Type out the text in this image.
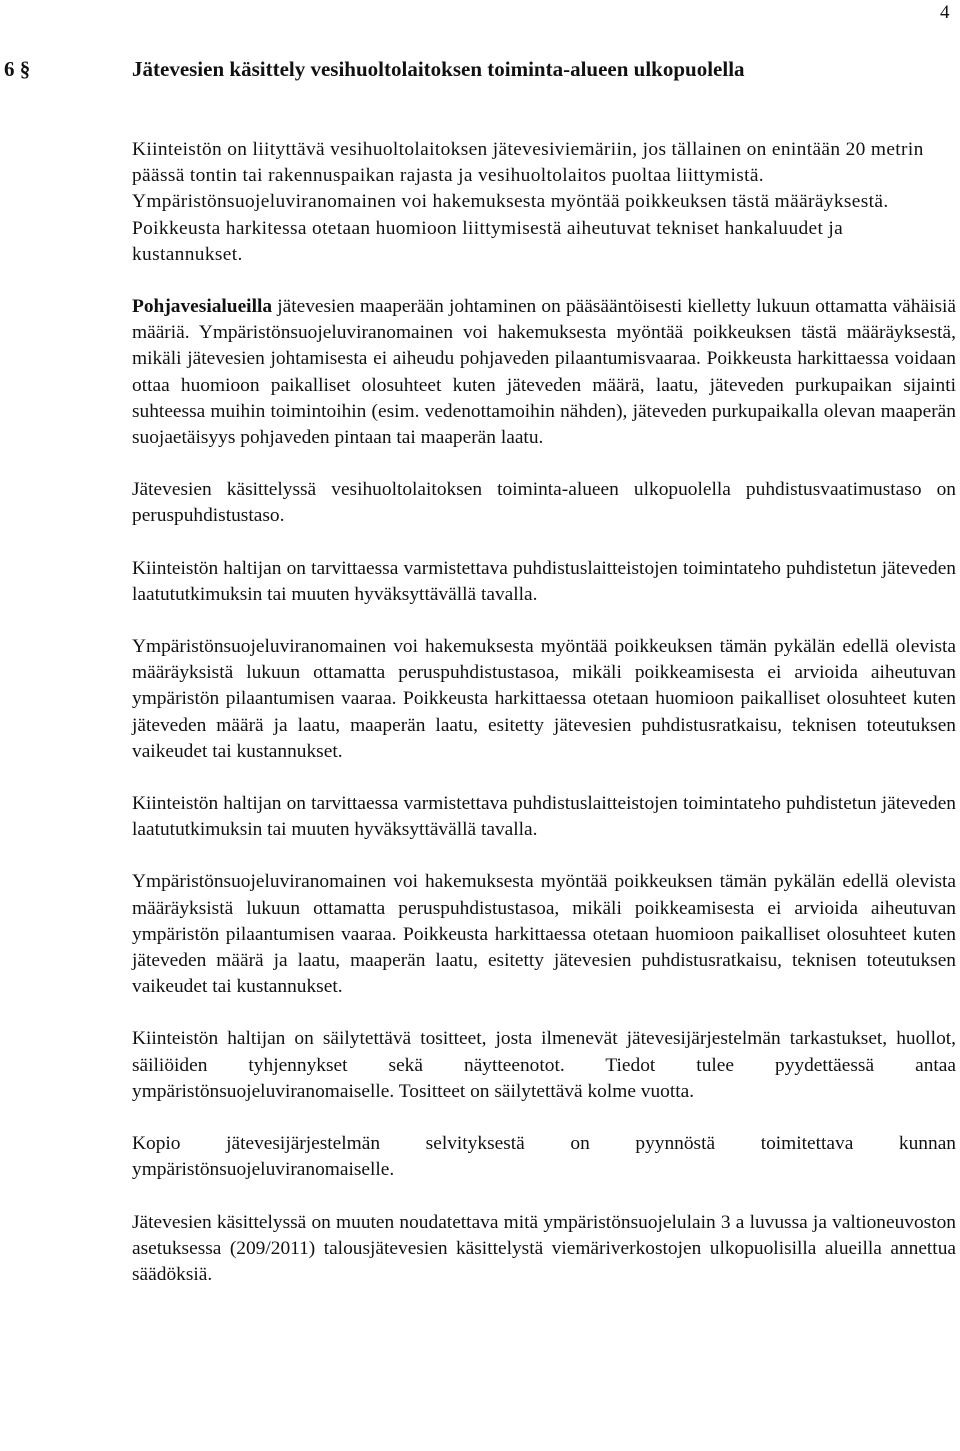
4
6 §	Jätevesien käsittely vesihuoltolaitoksen toiminta-alueen ulkopuolella

Kiinteistön on liityttävä vesihuoltolaitoksen jätevesiviemäriin, jos tällainen on enintään 20 metrin päässä tontin tai rakennuspaikan rajasta ja vesihuoltolaitos puoltaa liittymistä. Ympäristönsuojeluviranomainen voi hakemuksesta myöntää poikkeuksen tästä määräyksestä. Poikkeusta harkitessa otetaan huomioon liittymisestä aiheutuvat tekniset hankaluudet ja kustannukset.

Pohjavesialueilla jätevesien maaperään johtaminen on pääsääntöisesti kielletty lukuun ottamatta vähäisiä määriä. Ympäristönsuojeluviranomainen voi hakemuksesta myöntää poikkeuksen tästä määräyksestä, mikäli jätevesien johtamisesta ei aiheudu pohjaveden pilaantumisvaaraa. Poikkeusta harkittaessa voidaan ottaa huomioon paikalliset olosuhteet kuten jäteveden määrä, laatu, jäteveden purkupaikan sijainti suhteessa muihin toimintoihin (esim. vedenottamoihin nähden), jäteveden purkupaikalla olevan maaperän suojaetäisyys pohjaveden pintaan tai maaperän laatu.

Jätevesien käsittelyssä vesihuoltolaitoksen toiminta-alueen ulkopuolella puhdistusvaatimustaso on peruspuhdistustaso.

Kiinteistön haltijan on tarvittaessa varmistettava puhdistuslaitteistojen toimintateho puhdistetun jäteveden laatututkimuksin tai muuten hyväksyttävällä tavalla.

Ympäristönsuojeluviranomainen voi hakemuksesta myöntää poikkeuksen tämän pykälän edellä olevista määräyksistä lukuun ottamatta peruspuhdistustasoa, mikäli poikkeamisesta ei arvioida aiheutuvan ympäristön pilaantumisen vaaraa. Poikkeusta harkittaessa otetaan huomioon paikalliset olosuhteet kuten jäteveden määrä ja laatu, maaperän laatu, esitetty jätevesien puhdistusratkaisu, teknisen toteutuksen vaikeudet tai kustannukset.

Kiinteistön haltijan on tarvittaessa varmistettava puhdistuslaitteistojen toimintateho puhdistetun jäteveden laatututkimuksin tai muuten hyväksyttävällä tavalla.

Ympäristönsuojeluviranomainen voi hakemuksesta myöntää poikkeuksen tämän pykälän edellä olevista määräyksistä lukuun ottamatta peruspuhdistustasoa, mikäli poikkeamisesta ei arvioida aiheutuvan ympäristön pilaantumisen vaaraa. Poikkeusta harkittaessa otetaan huomioon paikalliset olosuhteet kuten jäteveden määrä ja laatu, maaperän laatu, esitetty jätevesien puhdistusratkaisu, teknisen toteutuksen vaikeudet tai kustannukset.

Kiinteistön haltijan on säilytettävä tositteet, josta ilmenevät jätevesijärjestelmän tarkastukset, huollot, säiliöiden tyhjennykset sekä näytteenotot. Tiedot tulee pyydettäessä antaa ympäristönsuojeluviranomaiselle. Tositteet on säilytettävä kolme vuotta.

Kopio jätevesijärjestelmän selvityksestä on pyynnöstä toimitettava kunnan ympäristönsuojeluviranomaiselle.

Jätevesien käsittelyssä on muuten noudatettava mitä ympäristönsuojelulain 3 a luvussa ja valtioneuvoston asetuksessa (209/2011) talousjätevesien käsittelystä viemäriverkostojen ulkopuolisilla alueilla annettua säädöksiä.
